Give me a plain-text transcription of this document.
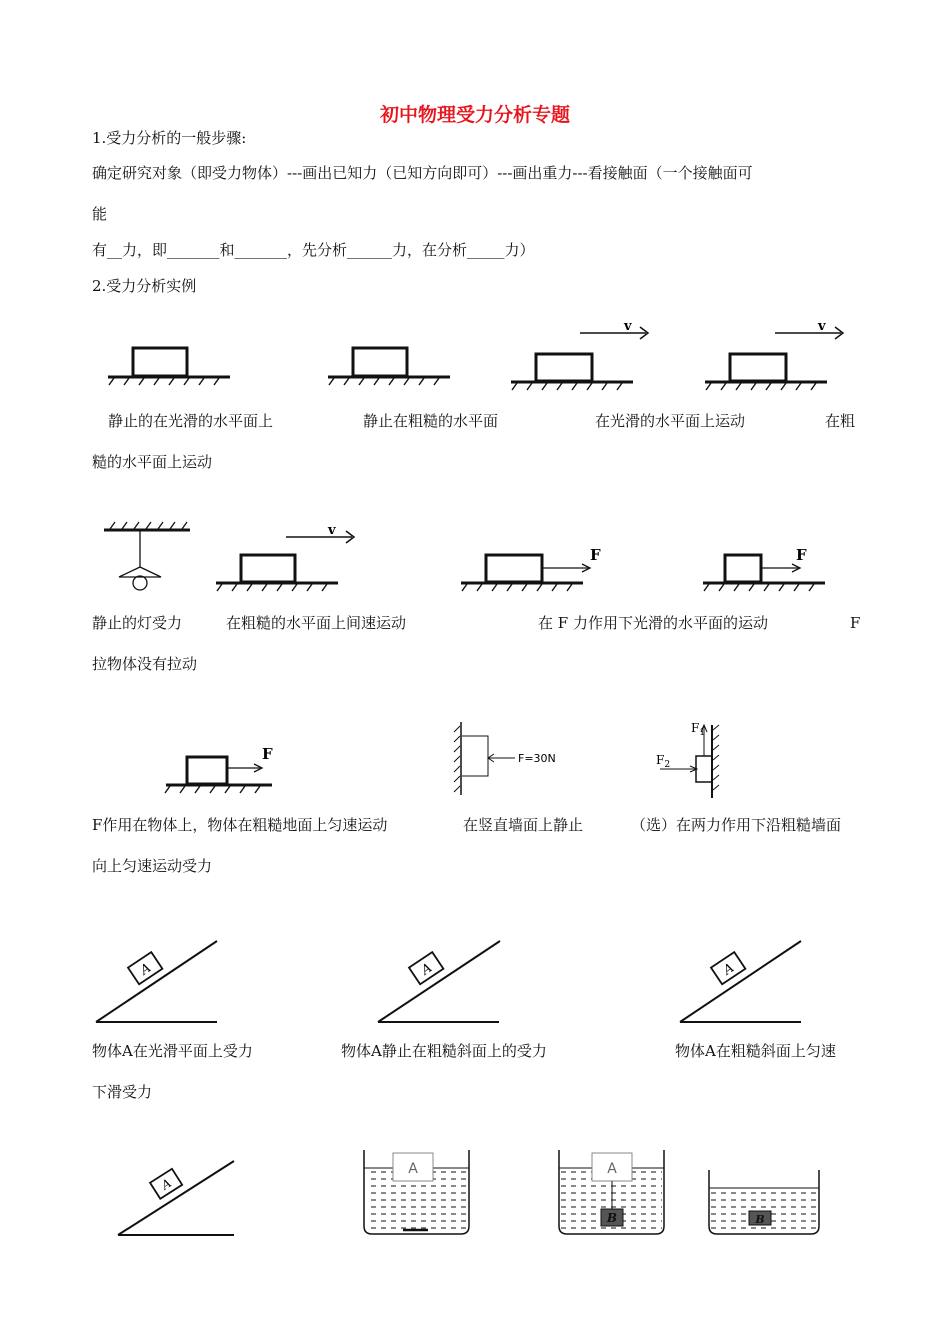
初中物理受力分析专题
1.受力分析的一般步骤:
确定研究对象（即受力物体）---画出已知力（已知方向即可）---画出重力---看接触面（一个接触面可
能
有__力，即_______和_______，先分析______力，在分析_____力）
2.受力分析实例
静止的在光滑的水平面上	静止在粗糙的水平面	在光滑的水平面上运动	在粗
糙的水平面上运动
静止的灯受力	在粗糙的水平面上间速运动	在 F 力作用下光滑的水平面的运动	F
拉物体没有拉动
F作用在物体上，物体在粗糙地面上匀速运动	在竖直墙面上静止	（选）在两力作用下沿粗糙墙面
向上匀速运动受力
物体A在光滑平面上受力	物体A静止在粗糙斜面上的受力	物体A在粗糙斜面上匀速
下滑受力
v	v
v
F	F
F	F=30N
$F_1$
$F_2$
A	A	A
A
A	A
B	B
